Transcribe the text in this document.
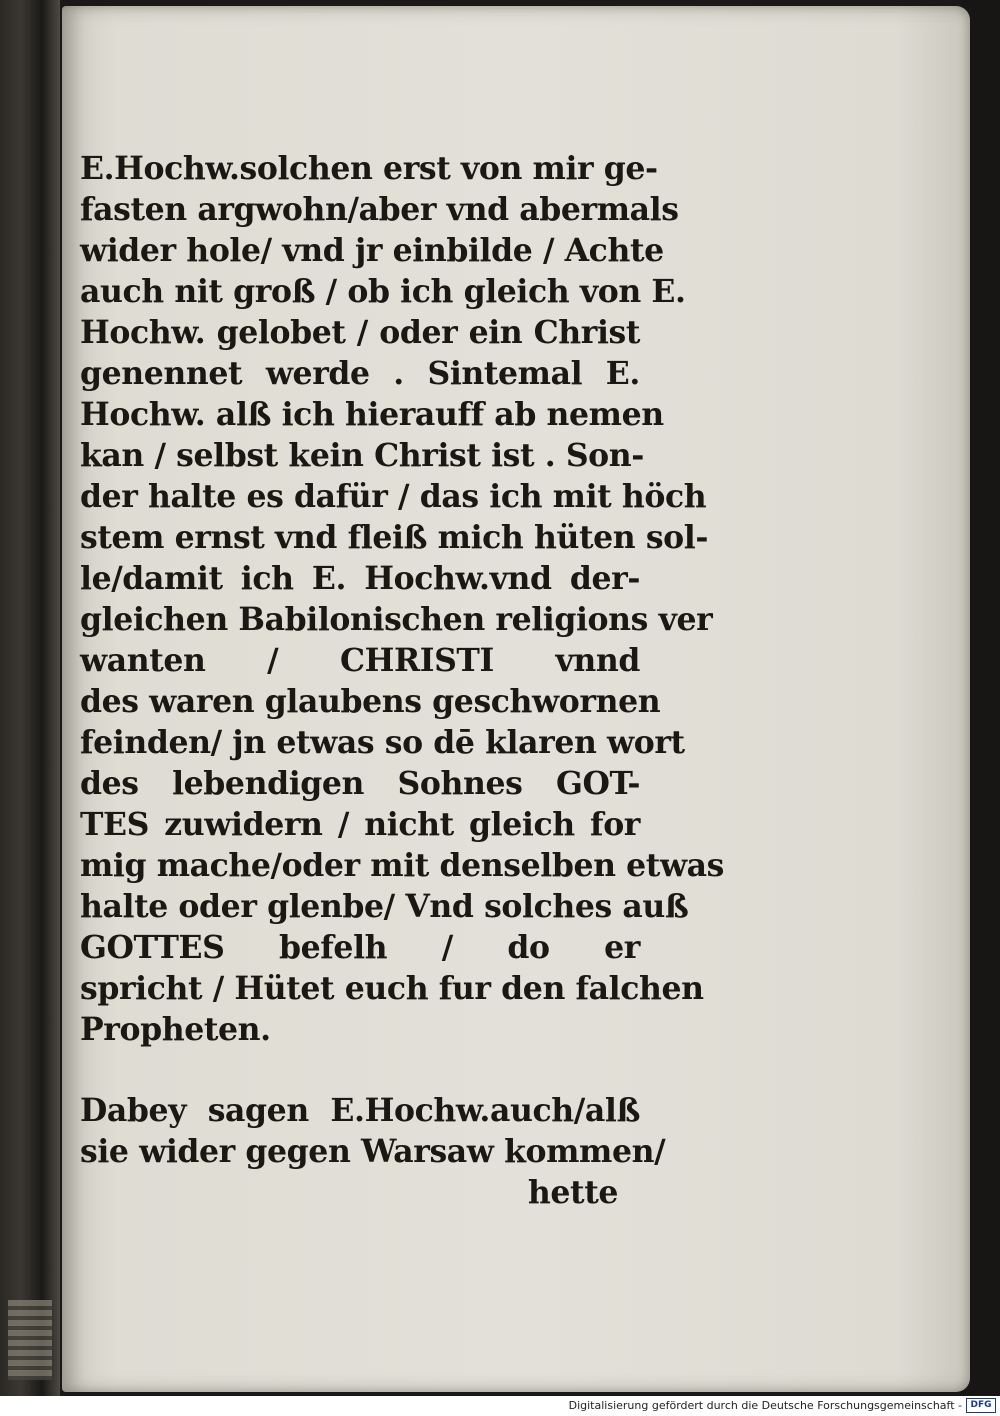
E.Hochw.solchen erst von mir ge-
fasten argwohn/aber vnd abermals
wider hole/ vnd jr einbilde / Achte
auch nit groß / ob ich gleich von E.
Hochw. gelobet / oder ein Christ
genennet werde . Sintemal E.
Hochw. alß ich hierauff ab nemen
kan / selbst kein Christ ist . Son-
der halte es dafür / das ich mit höch
stem ernst vnd fleiß mich hüten sol-
le/damit ich E. Hochw.vnd der-
gleichen Babilonischen religions ver
wanten / CHRISTI vnnd
des waren glaubens geschwornen
feinden/ jn etwas so dē klaren wort
des lebendigen Sohnes GOT-
TES zuwidern / nicht gleich for
mig mache/oder mit denselben etwas
halte oder glenbe/ Vnd solches auß
GOTTES befelh / do er
spricht / Hütet euch fur den falchen
Propheten.
Dabey sagen E.Hochw.auch/alß
sie wider gegen Warsaw kommen/
hette
Digitalisierung gefördert durch die Deutsche Forschungsgemeinschaft - DFG
